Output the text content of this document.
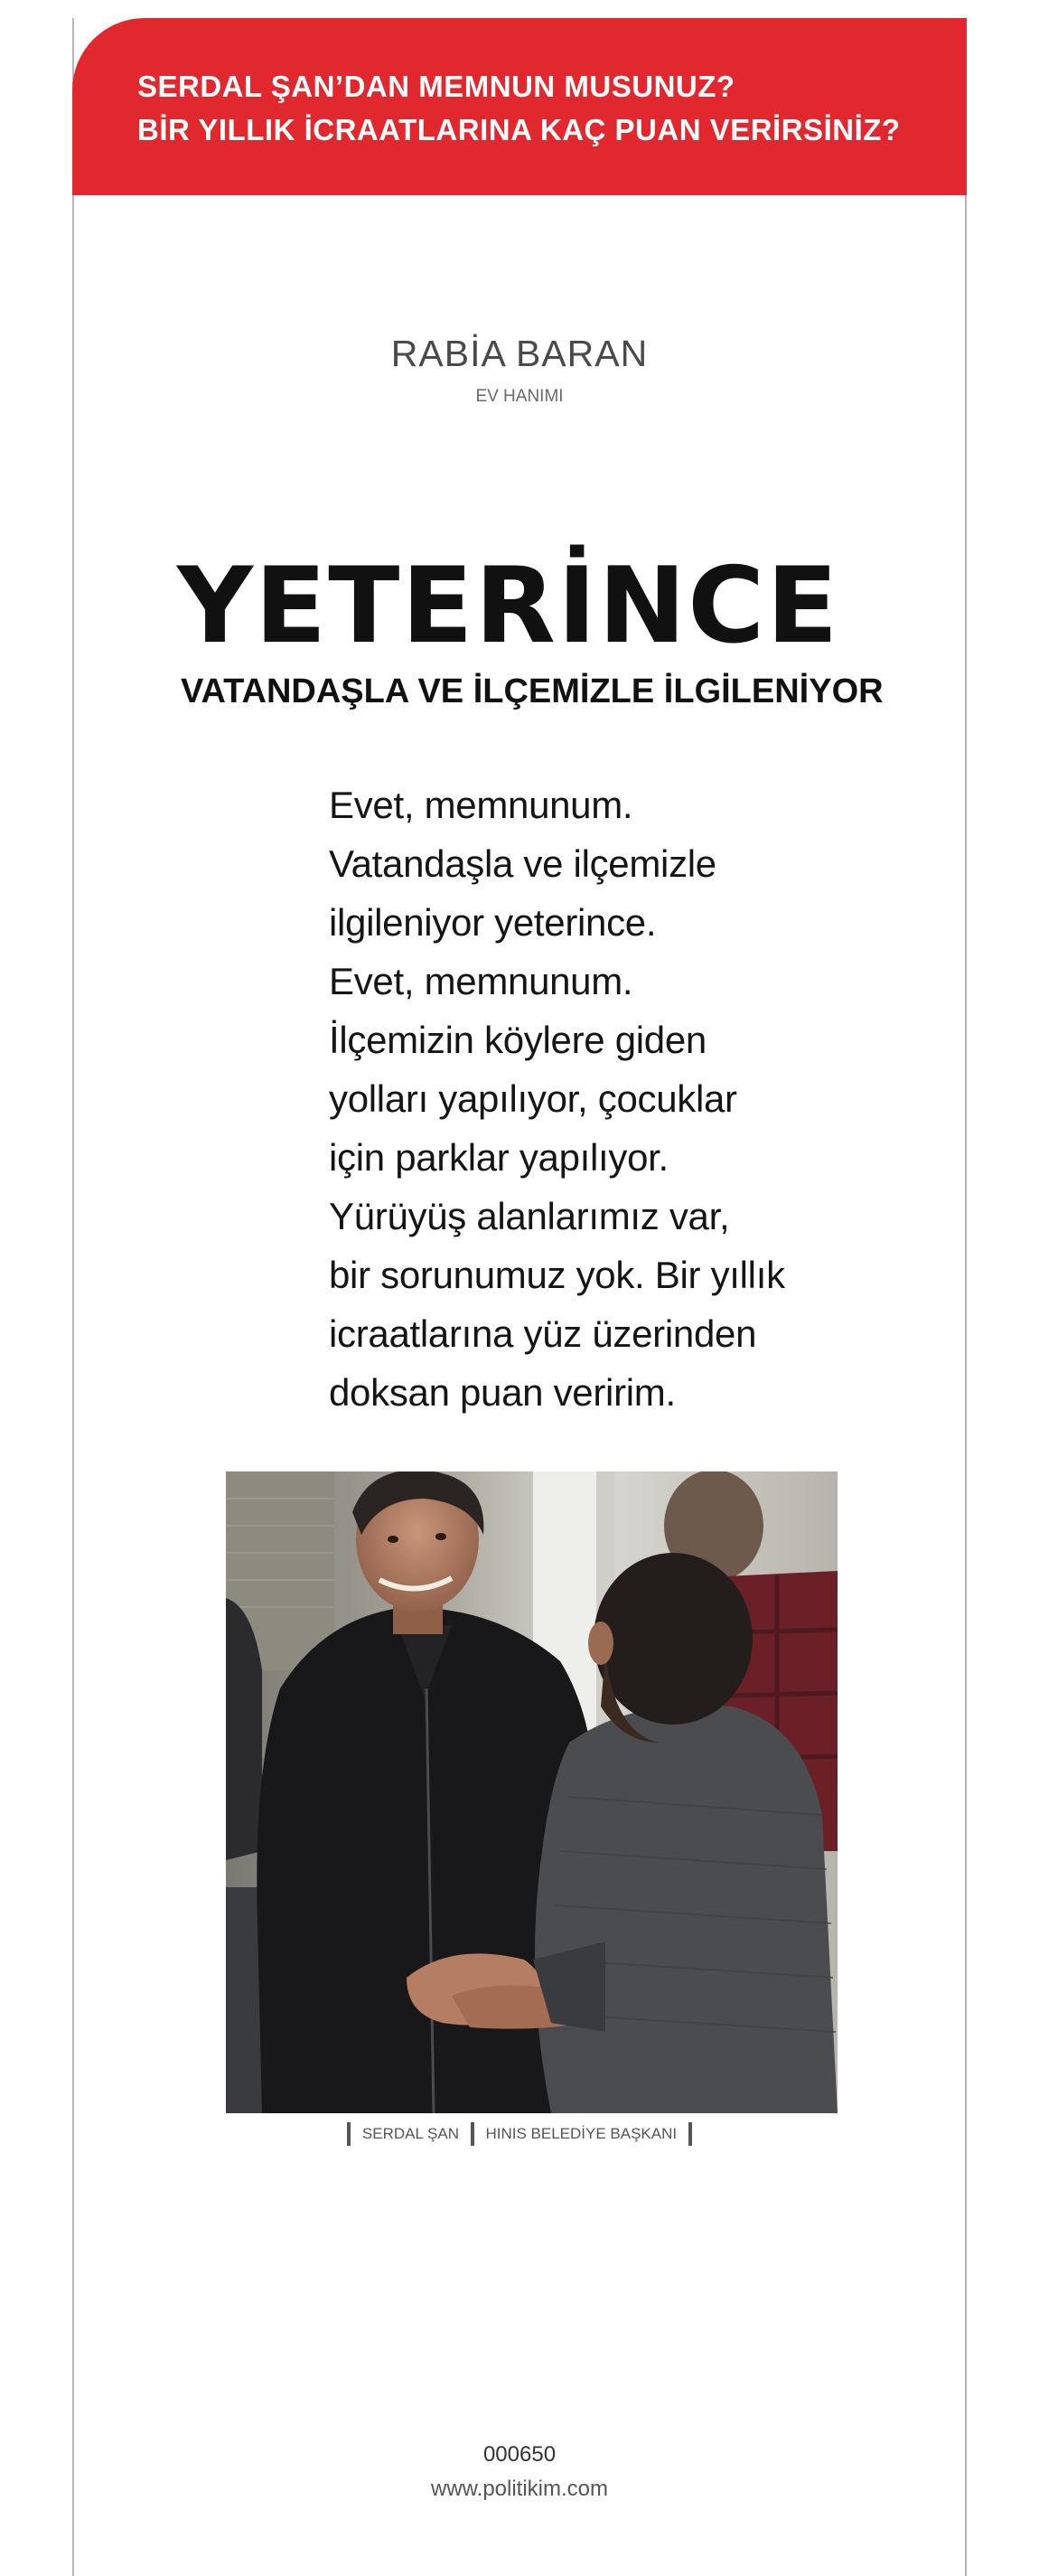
SERDAL ŞAN’DAN MEMNUN MUSUNUZ?
BİR YILLIK İCRAATLARINA KAÇ PUAN VERİRSİNİZ?
RABİA BARAN
EV HANIMI
YETERİNCE
VATANDAŞLA VE İLÇEMİZLE İLGİLENİYOR
Evet, memnunum.
Vatandaşla ve ilçemizle
ilgileniyor yeterince.
Evet, memnunum.
İlçemizin köylere giden
yolları yapılıyor, çocuklar
için parklar yapılıyor.
Yürüyüş alanlarımız var,
bir sorunumuz yok. Bir yıllık
icraatlarına yüz üzerinden
doksan puan veririm.
SERDAL ŞAN HINIS BELEDİYE BAŞKANI
000650
www.politikim.com
